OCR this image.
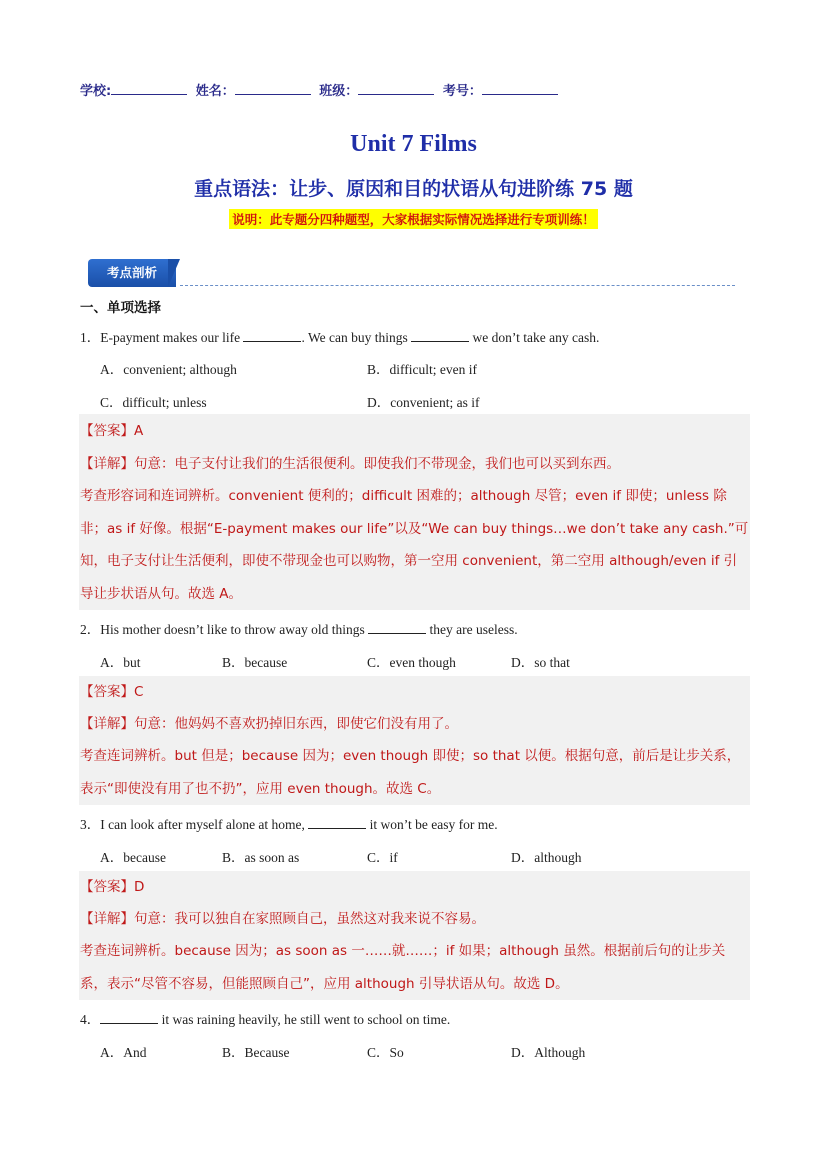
学校:	姓名：	班级：	考号：
Unit 7 Films
重点语法：让步、原因和目的状语从句进阶练 75 题
说明：此专题分四种题型，大家根据实际情况选择进行专项训练！
考点剖析
一、单项选择
1．E-payment makes our life	. We can buy things	we don’t take any cash.
A．convenient; although	B．difficult; even if
C．difficult; unless	D．convenient; as if
【答案】A
【详解】句意：电子支付让我们的生活很便利。即使我们不带现金，我们也可以买到东西。
考查形容词和连词辨析。convenient 便利的；difficult 困难的；although 尽管；even if 即使；unless 除非；as if 好像。根据“E-payment makes our life”以及“We can buy things…we don’t take any cash.”可知，电子支付让生活便利，即使不带现金也可以购物，第一空用 convenient，第二空用 although/even if 引导让步状语从句。故选 A。
2．His mother doesn’t like to throw away old things	they are useless.
A．but	B．because	C．even though	D．so that
【答案】C
【详解】句意：他妈妈不喜欢扔掉旧东西，即使它们没有用了。
考查连词辨析。but 但是；because 因为；even though 即使；so that 以便。根据句意，前后是让步关系，表示“即使没有用了也不扔”，应用 even though。故选 C。
3．I can look after myself alone at home,	it won’t be easy for me.
A．because	B．as soon as	C．if	D．although
【答案】D
【详解】句意：我可以独自在家照顾自己，虽然这对我来说不容易。
考查连词辨析。because 因为；as soon as 一……就……；if 如果；although 虽然。根据前后句的让步关系，表示“尽管不容易，但能照顾自己”，应用 although 引导状语从句。故选 D。
4．	it was raining heavily, he still went to school on time.
A．And	B．Because	C．So	D．Although
